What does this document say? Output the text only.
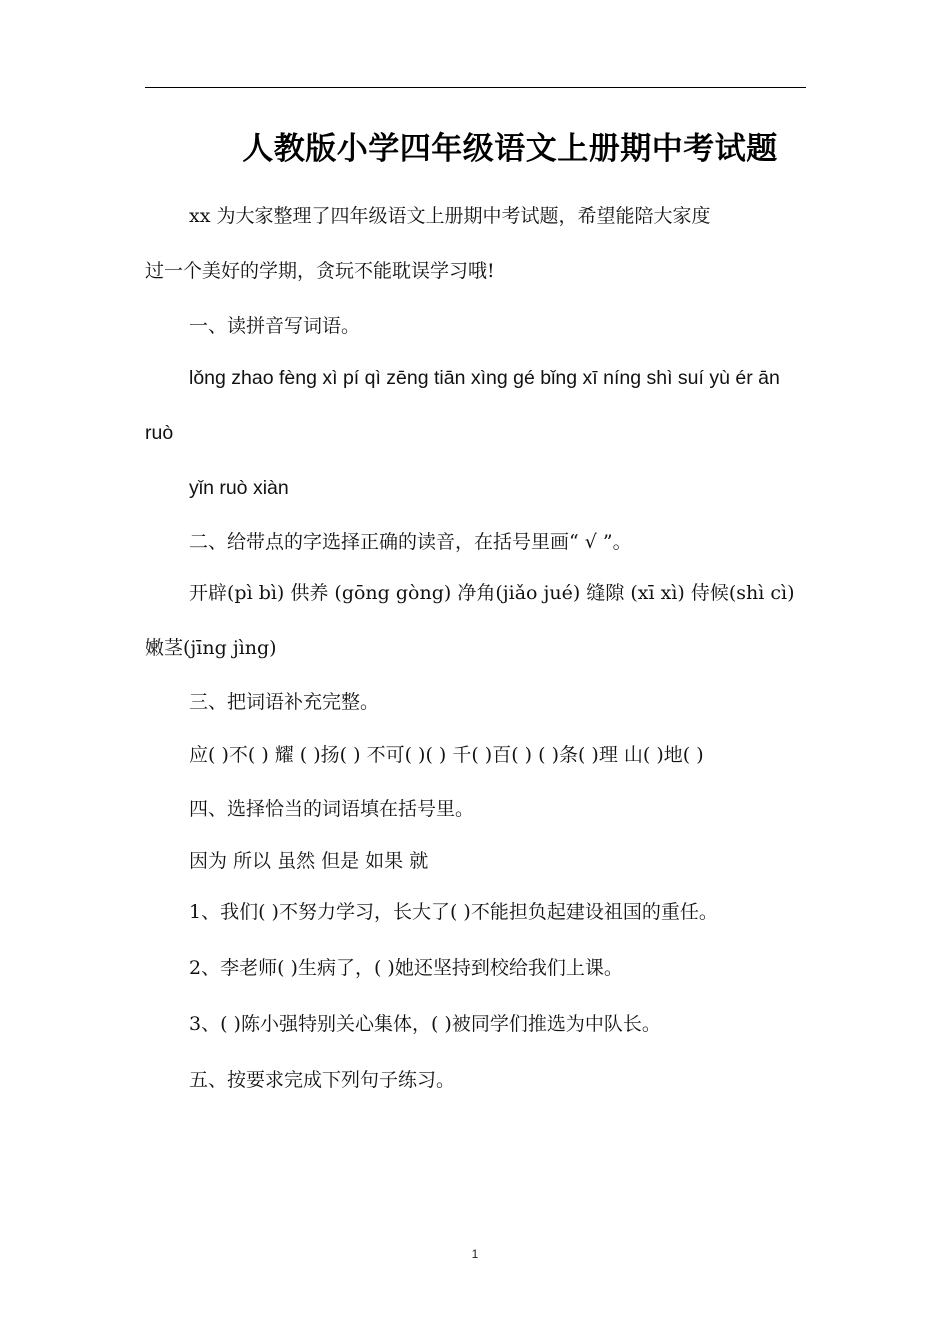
人教版小学四年级语文上册期中考试题
xx 为大家整理了四年级语文上册期中考试题，希望能陪大家度
过一个美好的学期，贪玩不能耽误学习哦!
一、读拼音写词语。
lǒng zhao fèng xì pí qì zēng tiān xìng gé bǐng xī níng shì suí yù ér ān
ruò
yǐn ruò xiàn
二、给带点的字选择正确的读音，在括号里画“ √ ”。
开辟(pì bì) 供养 (gōng gòng) 净角(jiǎo jué) 缝隙 (xī xì) 侍候(shì cì)
嫩茎(jīng jìng)
三、把词语补充完整。
应( )不( ) 耀 ( )扬( ) 不可( )( ) 千( )百( ) ( )条( )理 山( )地( )
四、选择恰当的词语填在括号里。
因为 所以 虽然 但是 如果 就
1、我们( )不努力学习，长大了( )不能担负起建设祖国的重任。
2、李老师( )生病了，( )她还坚持到校给我们上课。
3、( )陈小强特别关心集体，( )被同学们推选为中队长。
五、按要求完成下列句子练习。
1
